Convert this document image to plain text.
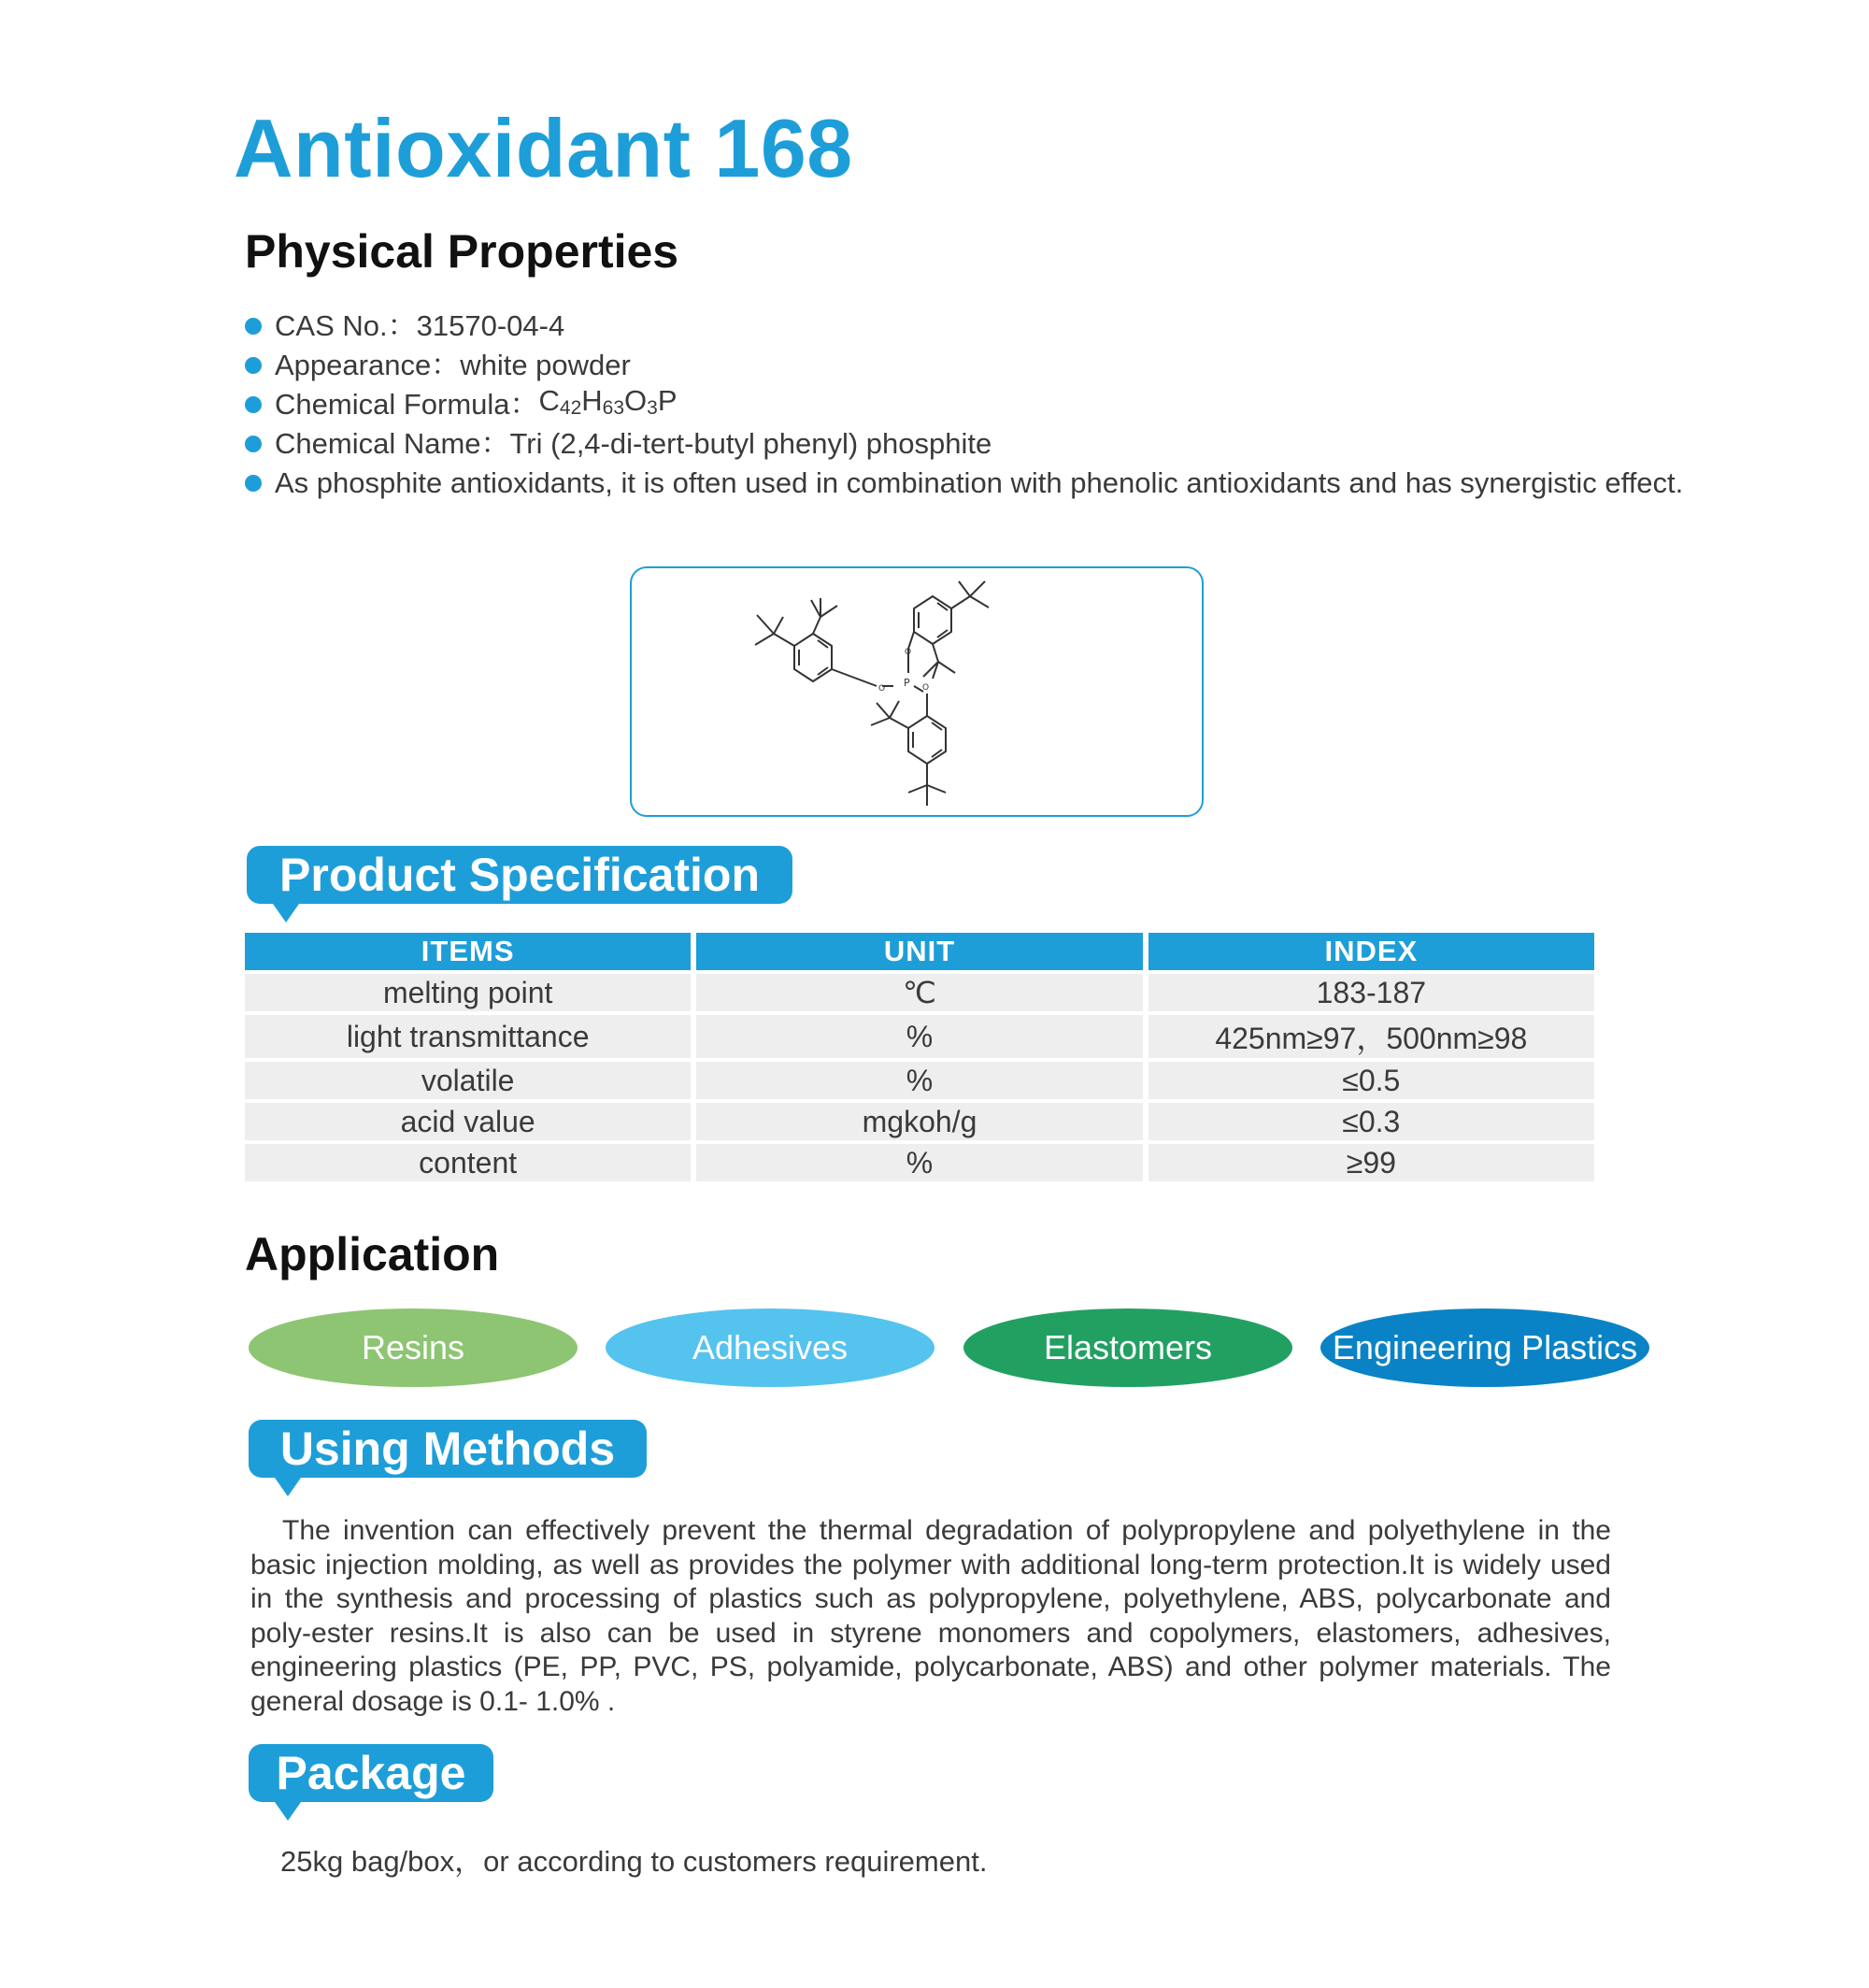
Antioxidant 168
Physical Properties
CAS No.： 31570-04-4
Appearance： white powder
Chemical Formula： $C_{42}H_{63}O_3P$
Chemical Name： Tri (2,4-di-tert-butyl phenyl) phosphite
As phosphite antioxidants, it is often used in combination with phenolic antioxidants and has synergistic effect.
P
O
O	O
Product Specification
ITEMS	UNIT	INDEX
melting point	℃	183-187
light transmittance	%	425nm≥97，500nm≥98
volatile	%	≤0.5
acid value	mgkoh/g	≤0.3
content	%	≥99
Application
Resins	Adhesives	Elastomers	Engineering Plastics
Using Methods

The invention can effectively prevent the thermal degradation of polypropylene and polyethylene in the basic injection molding, as well as provides the polymer with additional long-term protection.It is widely used in the synthesis and processing of plastics such as polypropylene, polyethylene, ABS, polycarbonate and poly-ester resins.It is also can be used in styrene monomers and copolymers, elastomers, adhesives, engineering plastics (PE, PP, PVC, PS, polyamide, polycarbonate, ABS) and other polymer materials. The general dosage is 0.1- 1.0% .

Package

25kg bag/box，or according to customers requirement.
